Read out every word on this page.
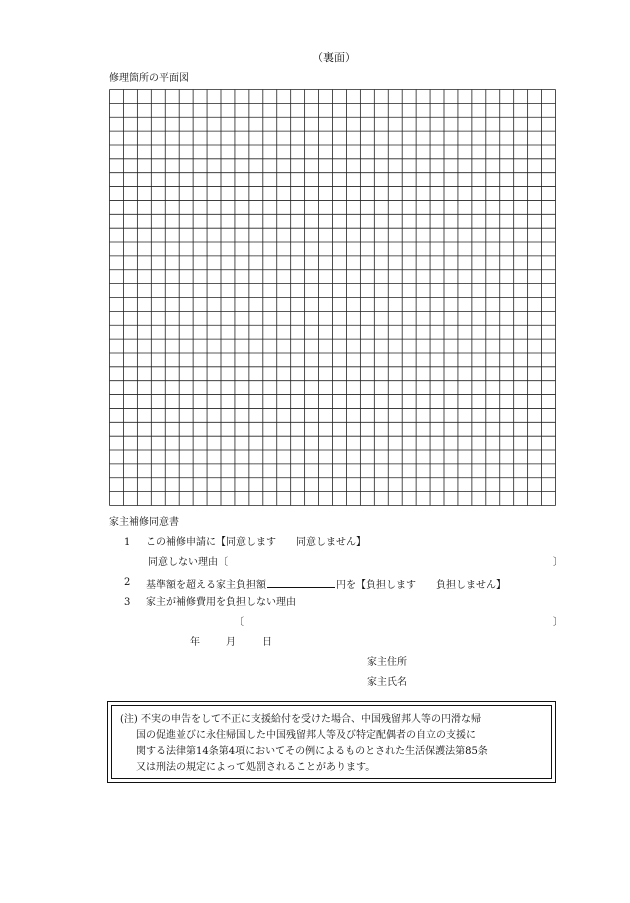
（裏面）
修理箇所の平面図
家主補修同意書
1 この補修申請に【同意します　　同意しません】
同意しない理由〔	〕
2 基準額を超える家主負担額	円を【負担します　　負担しません】
3 家主が補修費用を負担しない理由
〔	〕
年	月	日
家主住所
家主氏名
(注) 不実の申告をして不正に支援給付を受けた場合、中国残留邦人等の円滑な帰
国の促進並びに永住帰国した中国残留邦人等及び特定配偶者の自立の支援に
関する法律第14条第4項においてその例によるものとされた生活保護法第85条
又は刑法の規定によって処罰されることがあります。
